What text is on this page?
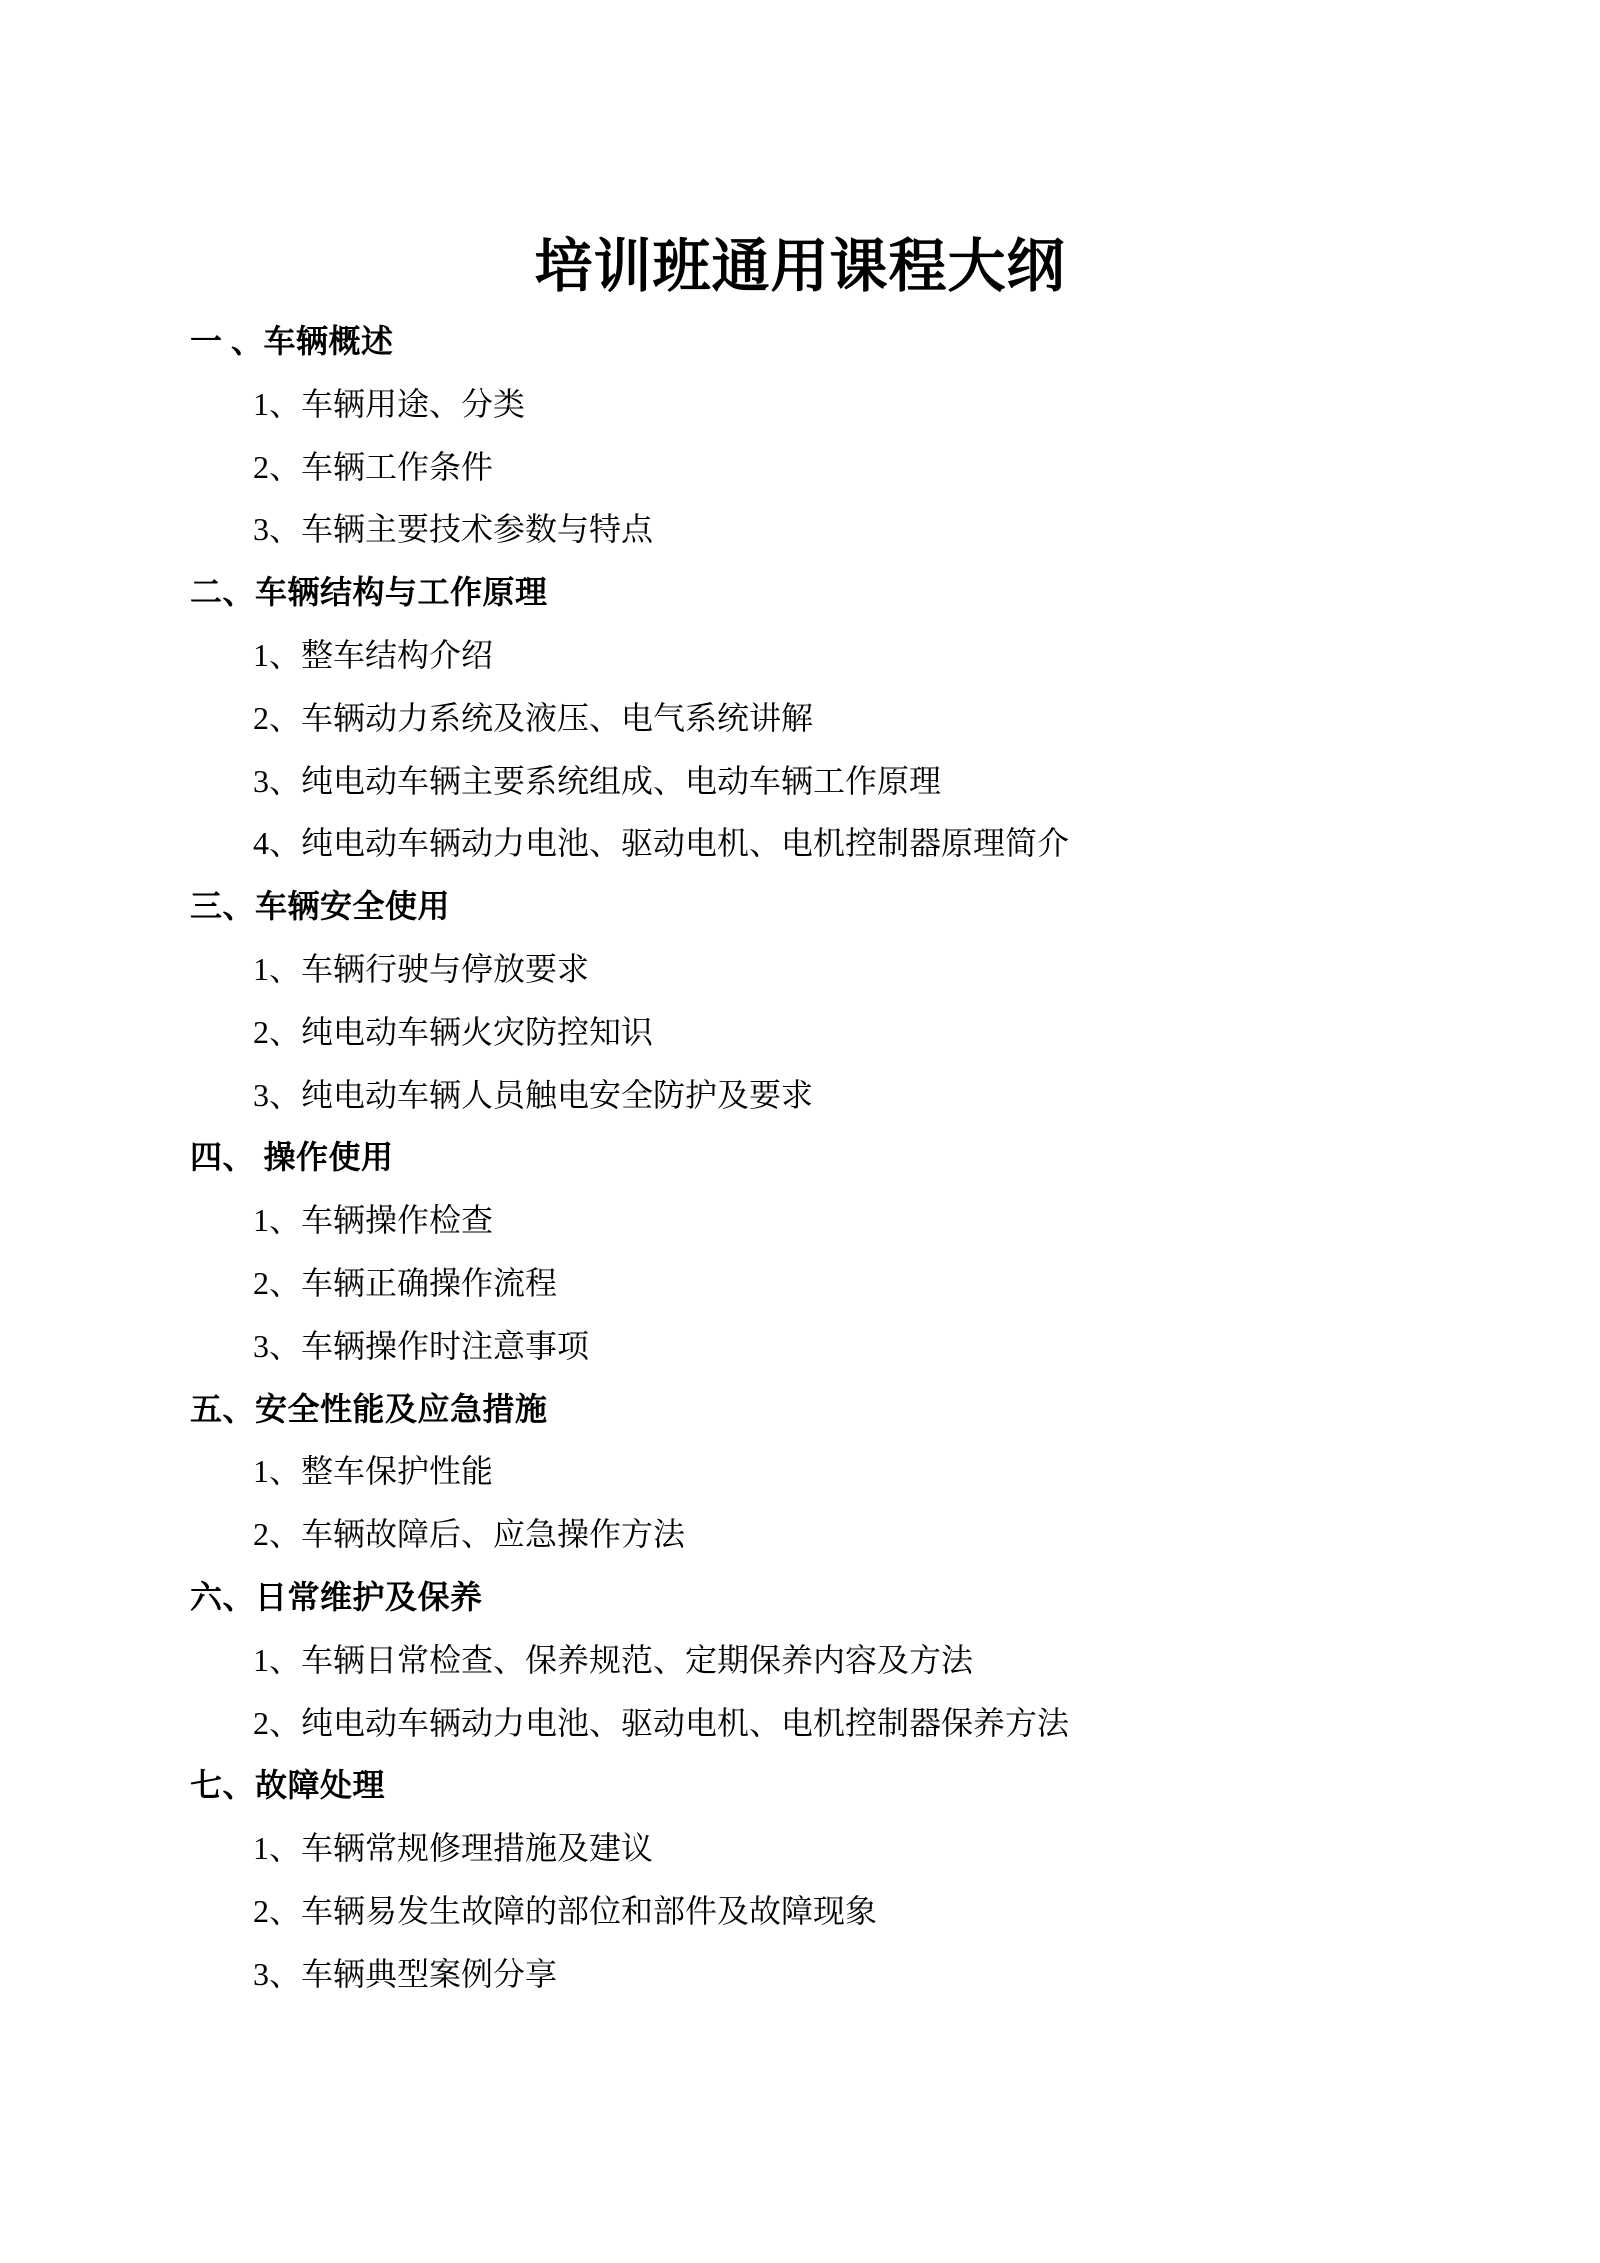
培训班通用课程大纲
一 、车辆概述
1、车辆用途、分类
2、车辆工作条件
3、车辆主要技术参数与特点
二、车辆结构与工作原理
1、整车结构介绍
2、车辆动力系统及液压、电气系统讲解
3、纯电动车辆主要系统组成、电动车辆工作原理
4、纯电动车辆动力电池、驱动电机、电机控制器原理简介
三、车辆安全使用
1、车辆行驶与停放要求
2、纯电动车辆火灾防控知识
3、纯电动车辆人员触电安全防护及要求
四、 操作使用
1、车辆操作检查
2、车辆正确操作流程
3、车辆操作时注意事项
五、安全性能及应急措施
1、整车保护性能
2、车辆故障后、应急操作方法
六、日常维护及保养
1、车辆日常检查、保养规范、定期保养内容及方法
2、纯电动车辆动力电池、驱动电机、电机控制器保养方法
七、故障处理
1、车辆常规修理措施及建议
2、车辆易发生故障的部位和部件及故障现象
3、车辆典型案例分享
